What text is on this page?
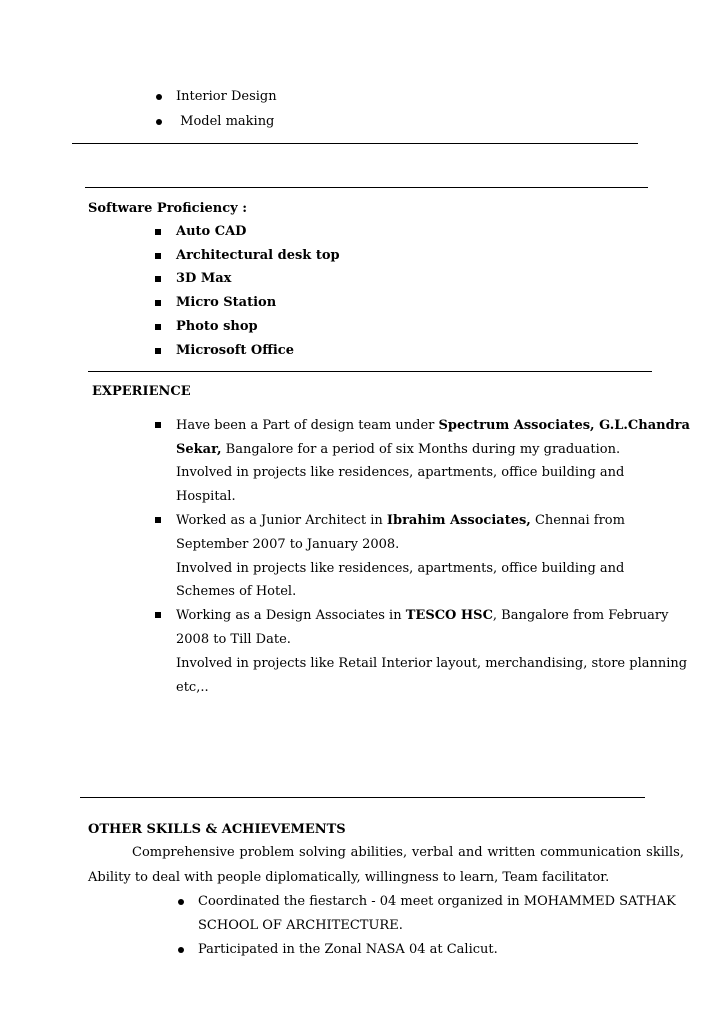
Interior Design
Model making
Software Proficiency :
Auto CAD
Architectural desk top
3D Max
Micro Station
Photo shop
Microsoft Office
EXPERIENCE
Have been a Part of design team under Spectrum Associates, G.L.Chandra
Sekar, Bangalore for a period of six Months during my graduation.
Involved in projects like residences, apartments, office building and
Hospital.
Worked as a Junior Architect in Ibrahim Associates, Chennai from
September 2007 to January 2008.
Involved in projects like residences, apartments, office building and
Schemes of Hotel.
Working as a Design Associates in TESCO HSC, Bangalore from February
2008 to Till Date.
Involved in projects like Retail Interior layout, merchandising, store planning
etc,..
OTHER SKILLS & ACHIEVEMENTS
Comprehensive problem solving abilities, verbal and written communication skills,
Ability to deal with people diplomatically, willingness to learn, Team facilitator.
Coordinated the fiestarch - 04 meet organized in MOHAMMED SATHAK
SCHOOL OF ARCHITECTURE.
Participated in the Zonal NASA 04 at Calicut.
